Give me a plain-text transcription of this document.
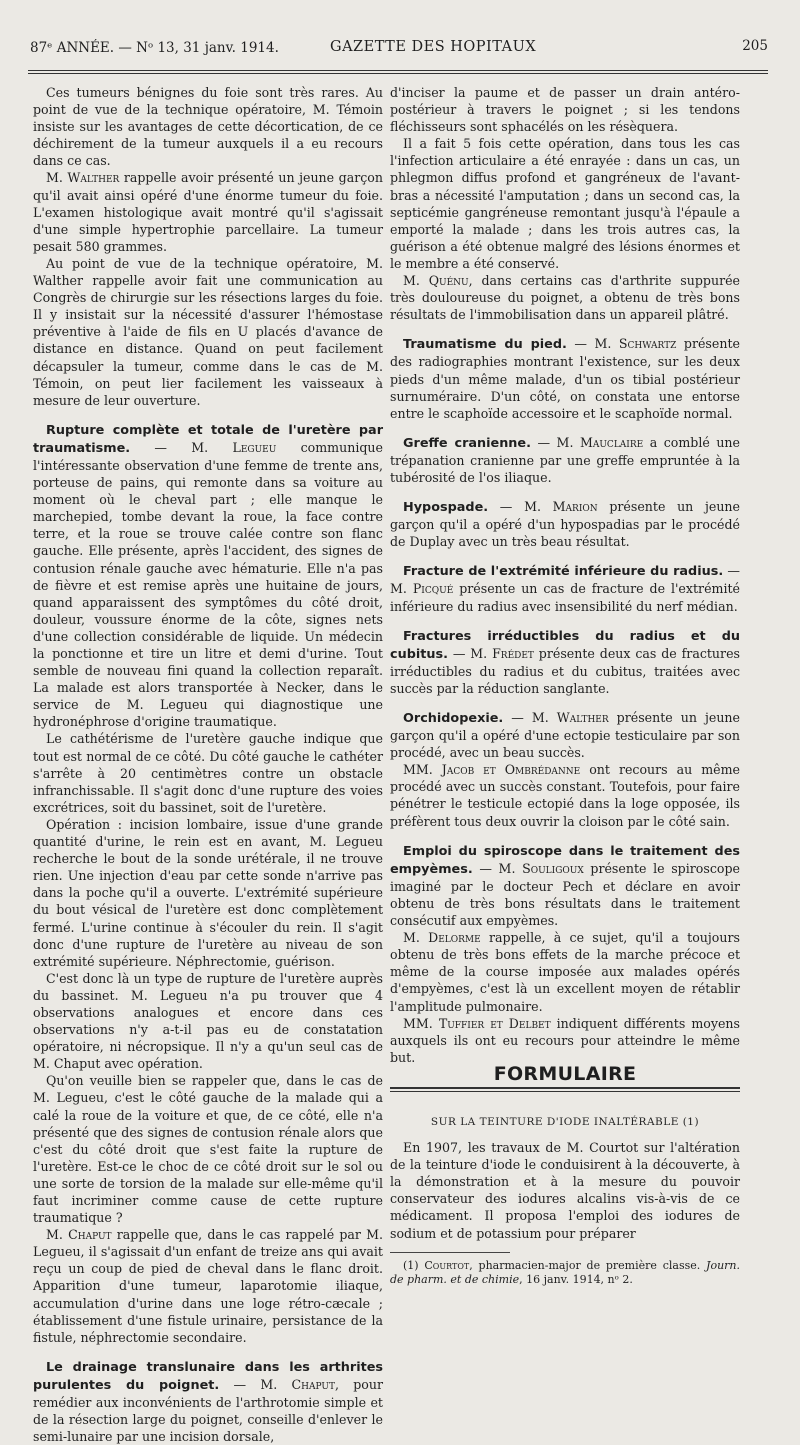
87ᵉ ANNÉE. — Nᵒ 13, 31 janv. 1914.	GAZETTE DES HOPITAUX	205

Ces tumeurs bénignes du foie sont très rares. Au point de vue de la technique opératoire, M. Témoin insiste sur les avantages de cette décortication, de ce déchirement de la tumeur auxquels il a eu recours dans ce cas.

M. Walther rappelle avoir présenté un jeune garçon qu'il avait ainsi opéré d'une énorme tumeur du foie. L'examen histologique avait montré qu'il s'agissait d'une simple hypertrophie parcellaire. La tumeur pesait 580 grammes.

Au point de vue de la technique opératoire, M. Walther rappelle avoir fait une communication au Congrès de chirurgie sur les résections larges du foie. Il y insistait sur la nécessité d'assurer l'hémostase préventive à l'aide de fils en U placés d'avance de distance en distance. Quand on peut facilement décapsuler la tumeur, comme dans le cas de M. Témoin, on peut lier facilement les vaisseaux à mesure de leur ouverture.

Rupture complète et totale de l'uretère par traumatisme. — M. Legueu communique l'intéressante observation d'une femme de trente ans, porteuse de pains, qui remonte dans sa voiture au moment où le cheval part ; elle manque le marchepied, tombe devant la roue, la face contre terre, et la roue se trouve calée contre son flanc gauche. Elle présente, après l'accident, des signes de contusion rénale gauche avec hématurie. Elle n'a pas de fièvre et est remise après une huitaine de jours, quand apparaissent des symptômes du côté droit, douleur, voussure énorme de la côte, signes nets d'une collection considérable de liquide. Un médecin la ponctionne et tire un litre et demi d'urine. Tout semble de nouveau fini quand la collection reparaît. La malade est alors transportée à Necker, dans le service de M. Legueu qui diagnostique une hydronéphrose d'origine traumatique.

Le cathétérisme de l'uretère gauche indique que tout est normal de ce côté. Du côté gauche le cathéter s'arrête à 20 centimètres contre un obstacle infranchissable. Il s'agit donc d'une rupture des voies excrétrices, soit du bassinet, soit de l'uretère.

Opération : incision lombaire, issue d'une grande quantité d'urine, le rein est en avant, M. Legueu recherche le bout de la sonde urétérale, il ne trouve rien. Une injection d'eau par cette sonde n'arrive pas dans la poche qu'il a ouverte. L'extrémité supérieure du bout vésical de l'uretère est donc complètement fermé. L'urine continue à s'écouler du rein. Il s'agit donc d'une rupture de l'uretère au niveau de son extrémité supérieure. Néphrectomie, guérison.

C'est donc là un type de rupture de l'uretère auprès du bassinet. M. Legueu n'a pu trouver que 4 observations analogues et encore dans ces observations n'y a-t-il pas eu de constatation opératoire, ni nécropsique. Il n'y a qu'un seul cas de M. Chaput avec opération.

Qu'on veuille bien se rappeler que, dans le cas de M. Legueu, c'est le côté gauche de la malade qui a calé la roue de la voiture et que, de ce côté, elle n'a présenté que des signes de contusion rénale alors que c'est du côté droit que s'est faite la rupture de l'uretère. Est-ce le choc de ce côté droit sur le sol ou une sorte de torsion de la malade sur elle-même qu'il faut incriminer comme cause de cette rupture traumatique ?

M. Chaput rappelle que, dans le cas rappelé par M. Legueu, il s'agissait d'un enfant de treize ans qui avait reçu un coup de pied de cheval dans le flanc droit. Apparition d'une tumeur, laparotomie iliaque, accumulation d'urine dans une loge rétro-cæcale ; établissement d'une fistule urinaire, persistance de la fistule, néphrectomie secondaire.

Le drainage translunaire dans les arthrites purulentes du poignet. — M. Chaput, pour remédier aux inconvénients de l'arthrotomie simple et de la résection large du poignet, conseille d'enlever le semi-lunaire par une incision dorsale,

d'inciser la paume et de passer un drain antéro-postérieur à travers le poignet ; si les tendons fléchisseurs sont sphacélés on les résèquera.

Il a fait 5 fois cette opération, dans tous les cas l'infection articulaire a été enrayée : dans un cas, un phlegmon diffus profond et gangréneux de l'avant-bras a nécessité l'amputation ; dans un second cas, la septicémie gangréneuse remontant jusqu'à l'épaule a emporté la malade ; dans les trois autres cas, la guérison a été obtenue malgré des lésions énormes et le membre a été conservé.

M. Quénu, dans certains cas d'arthrite suppurée très douloureuse du poignet, a obtenu de très bons résultats de l'immobilisation dans un appareil plâtré.

Traumatisme du pied. — M. Schwartz présente des radiographies montrant l'existence, sur les deux pieds d'un même malade, d'un os tibial postérieur surnuméraire. D'un côté, on constata une entorse entre le scaphoïde accessoire et le scaphoïde normal.

Greffe cranienne. — M. Mauclaire a comblé une trépanation cranienne par une greffe empruntée à la tubérosité de l'os iliaque.

Hypospade. — M. Marion présente un jeune garçon qu'il a opéré d'un hypospadias par le procédé de Duplay avec un très beau résultat.

Fracture de l'extrémité inférieure du radius. — M. Picqué présente un cas de fracture de l'extrémité inférieure du radius avec insensibilité du nerf médian.

Fractures irréductibles du radius et du cubitus. — M. Frédet présente deux cas de fractures irréductibles du radius et du cubitus, traitées avec succès par la réduction sanglante.

Orchidopexie. — M. Walther présente un jeune garçon qu'il a opéré d'une ectopie testiculaire par son procédé, avec un beau succès.

MM. Jacob et Ombrédanne ont recours au même procédé avec un succès constant. Toutefois, pour faire pénétrer le testicule ectopié dans la loge opposée, ils préfèrent tous deux ouvrir la cloison par le côté sain.

Emploi du spiroscope dans le traitement des empyèmes. — M. Souligoux présente le spiroscope imaginé par le docteur Pech et déclare en avoir obtenu de très bons résultats dans le traitement consécutif aux empyèmes.

M. Delorme rappelle, à ce sujet, qu'il a toujours obtenu de très bons effets de la marche précoce et même de la course imposée aux malades opérés d'empyèmes, c'est là un excellent moyen de rétablir l'amplitude pulmonaire.

MM. Tuffier et Delbet indiquent différents moyens auxquels ils ont eu recours pour atteindre le même but.

FORMULAIRE

SUR LA TEINTURE D'IODE INALTÉRABLE (1)

En 1907, les travaux de M. Courtot sur l'altération de la teinture d'iode le conduisirent à la découverte, à la démonstration et à la mesure du pouvoir conservateur des iodures alcalins vis-à-vis de ce médicament. Il proposa l'emploi des iodures de sodium et de potassium pour préparer

(1) Courtot, pharmacien-major de première classe. Journ. de pharm. et de chimie, 16 janv. 1914, nᵒ 2.
